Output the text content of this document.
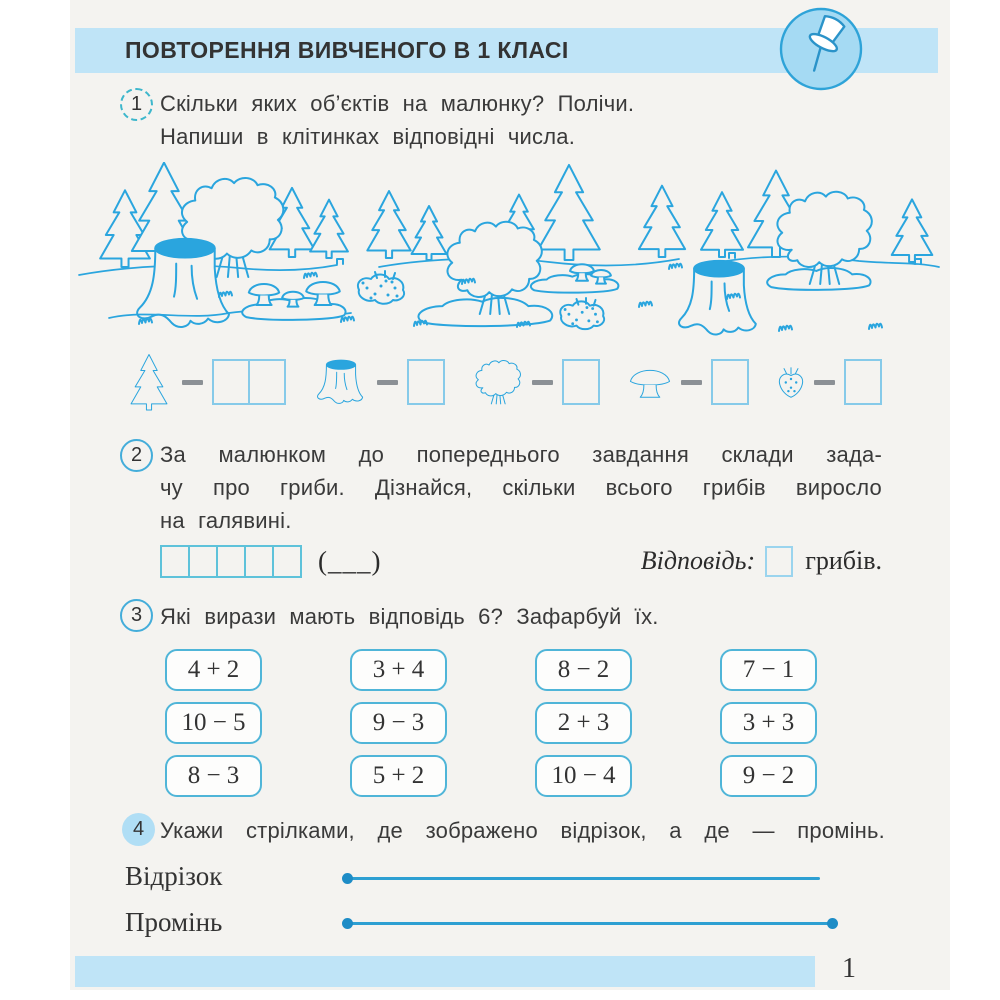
ПОВТОРЕННЯ ВИВЧЕНОГО В 1 КЛАСІ
1 Скільки яких об’єктів на малюнку? Полічи.
Напиши в клітинках відповідні числа.
2 За малюнком до попереднього завдання склади зада-
чу про гриби. Дізнайся, скільки всього грибів виросло
на галявині.
(___)	Відповідь: грибів.
3 Які вирази мають відповідь 6? Зафарбуй їх.
4 + 2	3 + 4	8 − 2	7 − 1
10 − 5	9 − 3	2 + 3	3 + 3
8 − 3	5 + 2	10 − 4	9 − 2
4 Укажи стрілками, де зображено відрізок, а де — промінь.
Відрізок
Промінь
1
